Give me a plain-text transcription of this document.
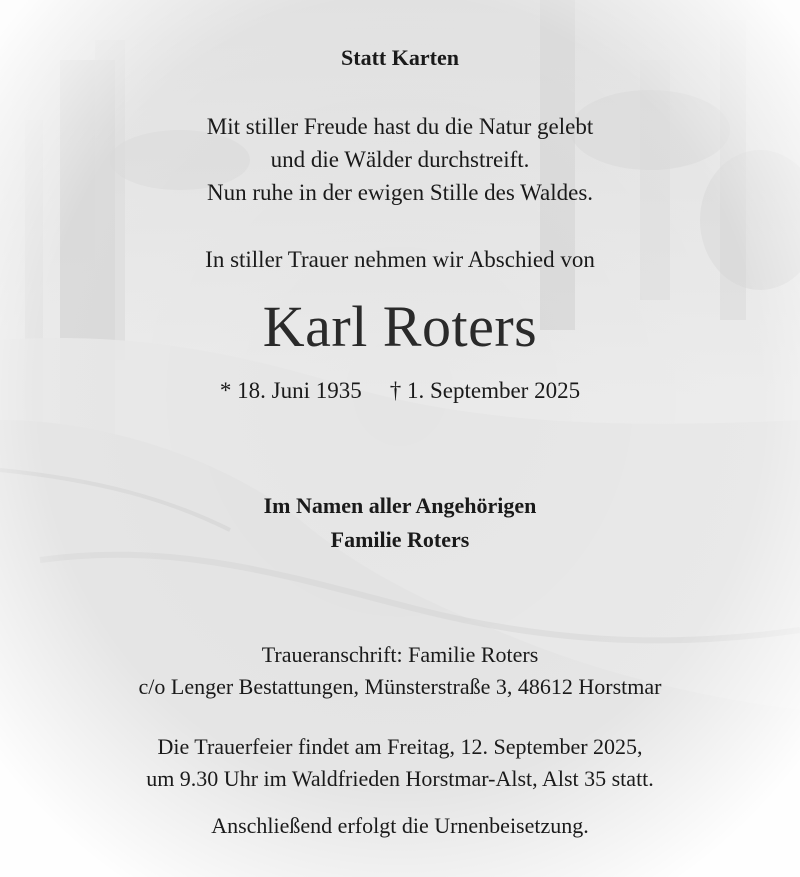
Statt Karten
Mit stiller Freude hast du die Natur gelebt
und die Wälder durchstreift.
Nun ruhe in der ewigen Stille des Waldes.
In stiller Trauer nehmen wir Abschied von
Karl Roters
* 18. Juni 1935 † 1. September 2025
Im Namen aller Angehörigen
Familie Roters
Traueranschrift: Familie Roters
c/o Lenger Bestattungen, Münsterstraße 3, 48612 Horstmar
Die Trauerfeier findet am Freitag, 12. September 2025,
um 9.30 Uhr im Waldfrieden Horstmar-Alst, Alst 35 statt.
Anschließend erfolgt die Urnenbeisetzung.
